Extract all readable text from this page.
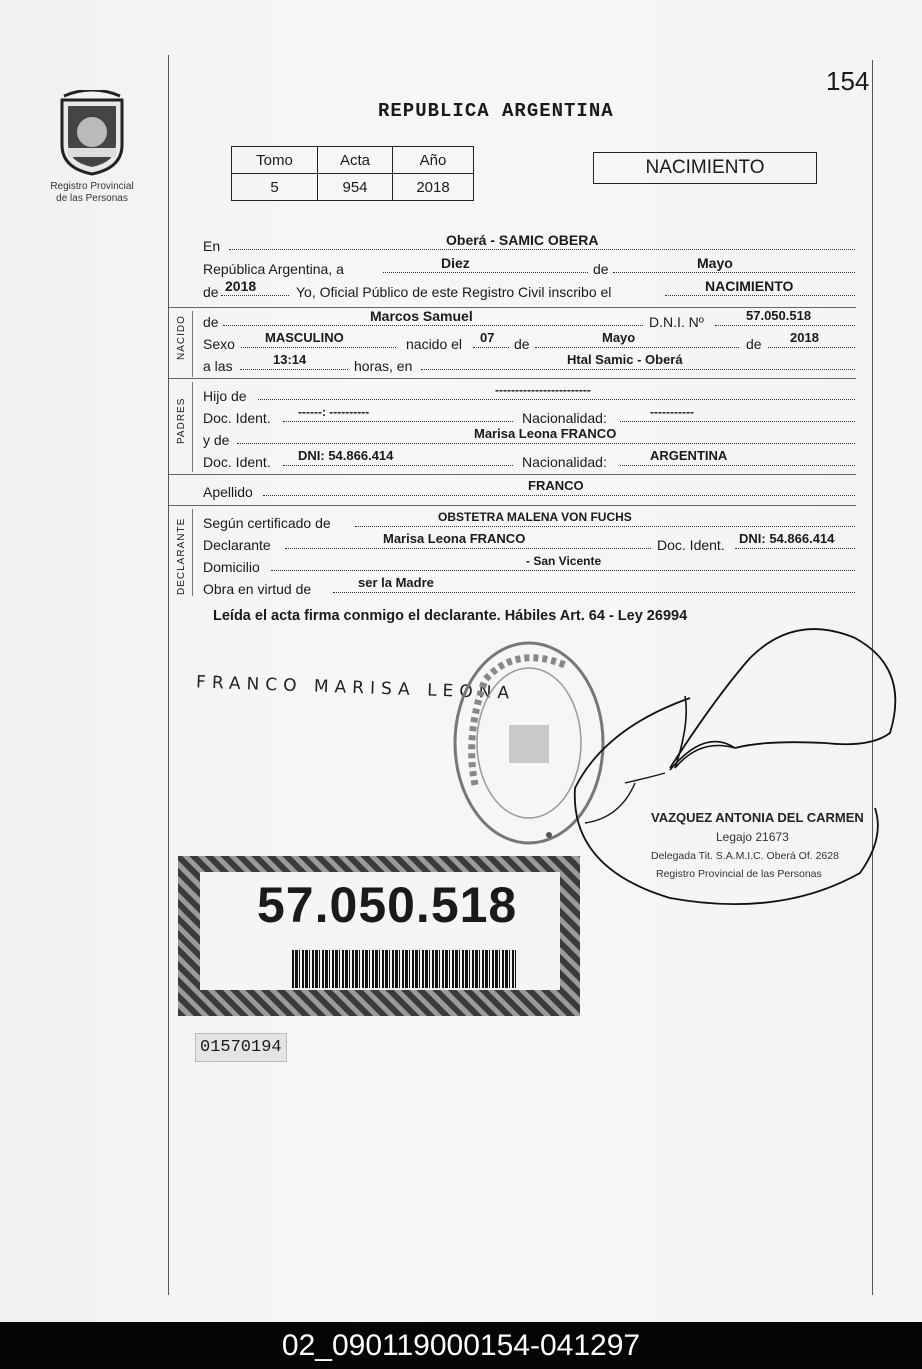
154
REPUBLICA ARGENTINA
Registro Provincial
de las Personas
Tomo	Acta	Año
5	954	2018
NACIMIENTO
En	Oberá - SAMIC OBERA
República Argentina, a	Diez	de	Mayo
de 2018	Yo, Oficial Público de este Registro Civil inscribo el	NACIMIENTO
NACIDO de	Marcos Samuel	D.N.I. Nº	57.050.518
Sexo MASCULINO	nacido el 07 de	Mayo	de 2018
a las	13:14	horas, en	Htal Samic - Oberá
PADRES
Hijo de	------------------------
Doc. Ident. ------: ----------	Nacionalidad:	-----------
y de	Marisa Leona FRANCO
Doc. Ident. DNI: 54.866.414	Nacionalidad:	ARGENTINA
Apellido	FRANCO
DECLARANTE Según certificado de	OBSTETRA MALENA VON FUCHS
Declarante	Marisa Leona FRANCO	Doc. Ident. DNI: 54.866.414
Domicilio	- San Vicente
Obra en virtud de	ser la Madre
Leída el acta firma conmigo el declarante. Hábiles Art. 64 - Ley 26994
FRANCO MARISA LEONA
VAZQUEZ ANTONIA DEL CARMEN
Legajo 21673
Delegada Tit. S.A.M.I.C. Oberá Of. 2628
Registro Provincial de las Personas
57.050.518
01570194
02_090119000154-041297
